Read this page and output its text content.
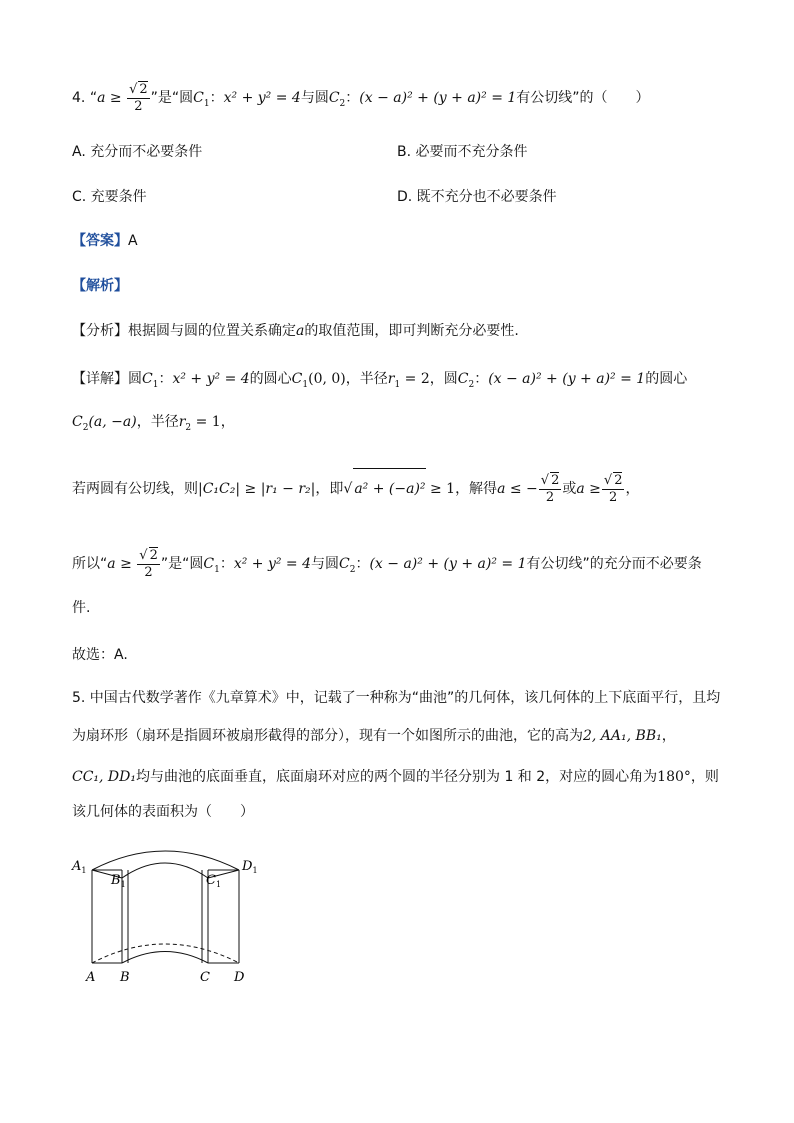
4. “$a \ge \frac{√ 2}{2}$ ”是“圆$C_1$：x² + y² = 4与圆$C_2$：(x − a)² + (y + a)² = 1有公切线”的（　　）
A. 充分而不必要条件	B. 必要而不充分条件
C. 充要条件	D. 既不充分也不必要条件
【答案】A
【解析】
【分析】根据圆与圆的位置关系确定a的取值范围，即可判断充分必要性.
【详解】圆$C_1$：x² + y² = 4的圆心$C_1(0$, 0)，半径$r_1 = 2$，圆$C_2$：(x − a)² + (y + a)² = 1的圆心
$C_2(a$, −a)，半径$r_2 = 1$，
若两圆有公切线，则|C₁C₂| ≥ |r₁ − r₂|，即√ a² + (−a)² ≥ 1，解得a ≤ − $\frac{√ 2}{2}$ 或$a \ge \frac{√ 2}{2}$ ，
所以“$a \ge \frac{√ 2}{2}$ ”是“圆$C_1$：x² + y² = 4与圆$C_2$：(x − a)² + (y + a)² = 1有公切线”的充分而不必要条
件.
故选：A.
5. 中国古代数学著作《九章算术》中，记载了一种称为“曲池”的几何体，该几何体的上下底面平行，且均
为扇环形（扇环是指圆环被扇形截得的部分），现有一个如图所示的曲池，它的高为2, AA₁, BB₁，
CC₁, DD₁均与曲池的底面垂直，底面扇环对应的两个圆的半径分别为 1 和 2，对应的圆心角为180°，则
该几何体的表面积为（　　）
$A_1$
$B_1$	$C_1$
$D_1$
A B	C D
